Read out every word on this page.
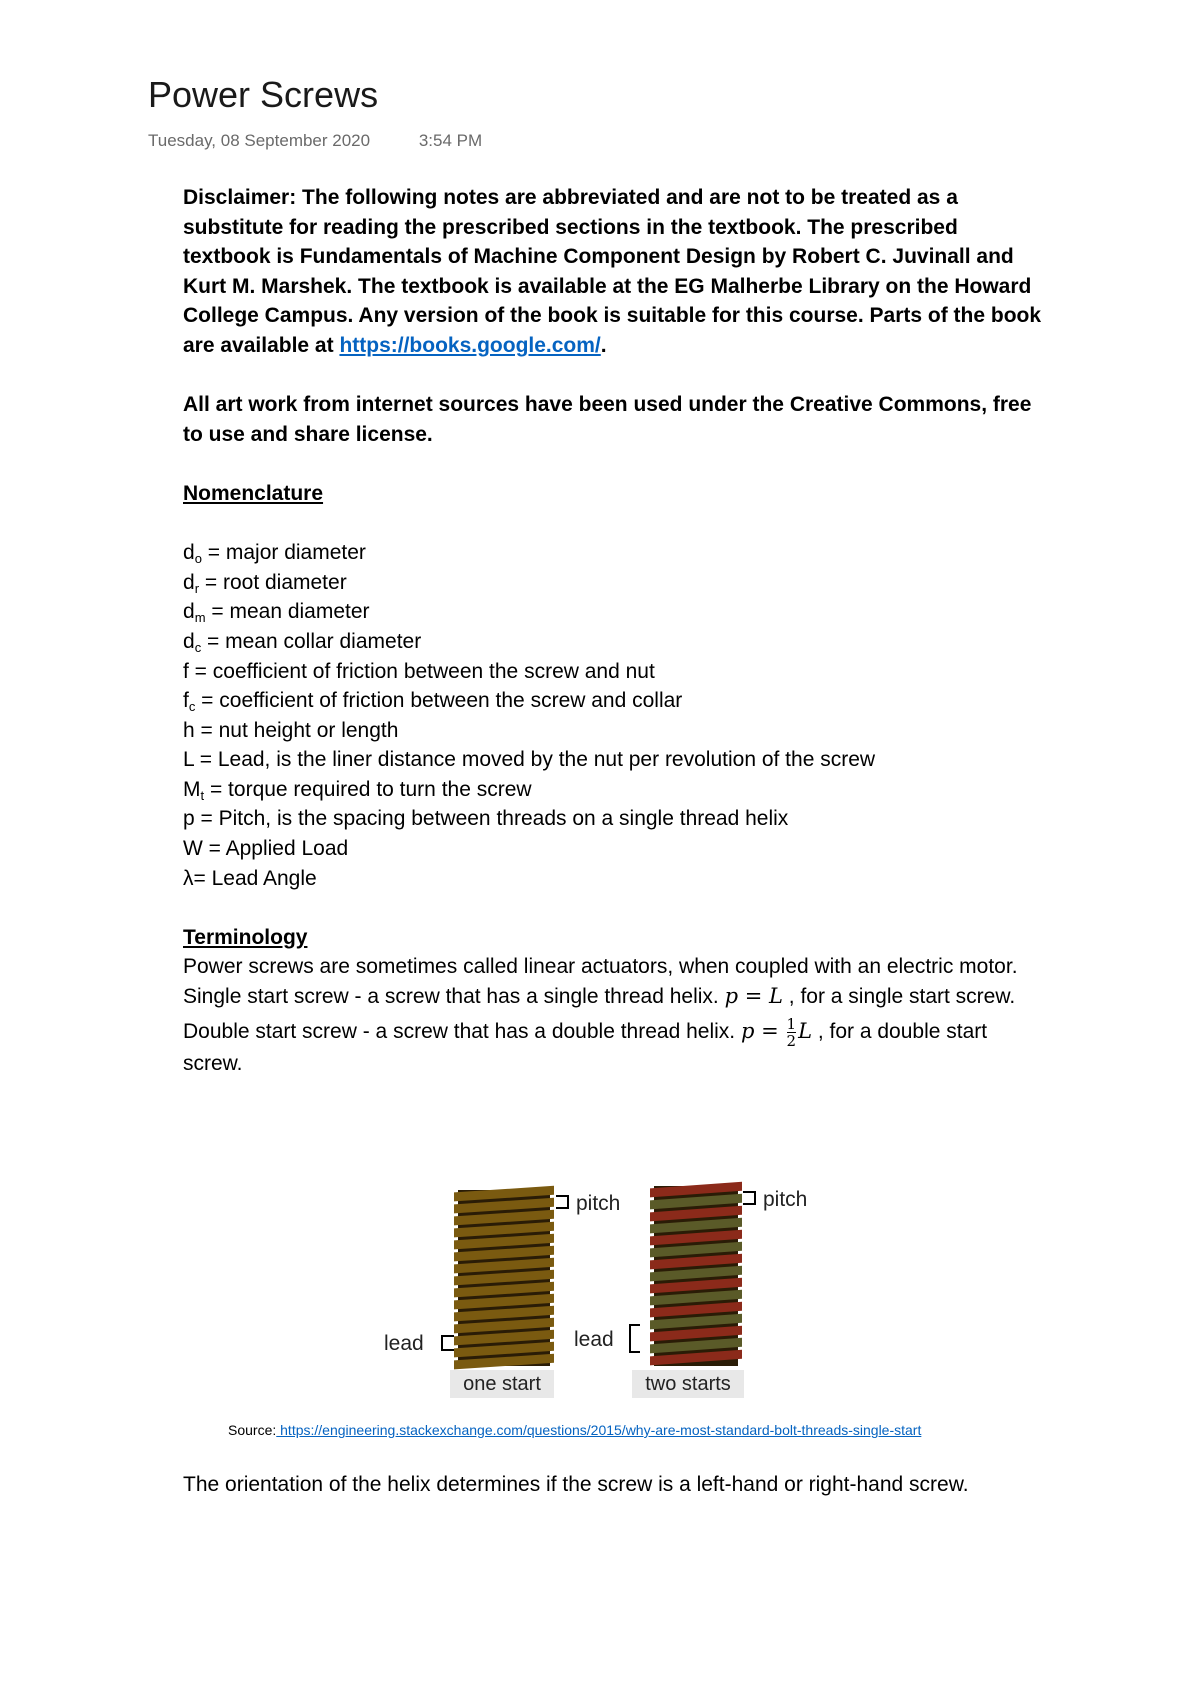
Power Screws
Tuesday, 08 September 2020	3:54 PM

Disclaimer: The following notes are abbreviated and are not to be treated as a substitute for reading the prescribed sections in the textbook. The prescribed textbook is Fundamentals of Machine Component Design by Robert C. Juvinall and Kurt M. Marshek. The textbook is available at the EG Malherbe Library on the Howard College Campus. Any version of the book is suitable for this course. Parts of the book are available at https://books.google.com/.

All art work from internet sources have been used under the Creative Commons, free to use and share license.

Nomenclature
$d_o$ = major diameter
$d_r$ = root diameter
$d_m$ = mean diameter
$d_c$ = mean collar diameter
f = coefficient of friction between the screw and nut
$f_c$ = coefficient of friction between the screw and collar
h = nut height or length
L = Lead, is the liner distance moved by the nut per revolution of the screw
$M_t$ = torque required to turn the screw
p = Pitch, is the spacing between threads on a single thread helix
W = Applied Load
λ= Lead Angle
Terminology

Power screws are sometimes called linear actuators, when coupled with an electric motor.

Single start screw - a screw that has a single thread helix. p = L , for a single start screw.

Double start screw - a screw that has a double thread helix. $p = \frac{1}{2}$ L , for a double start screw.

pitch	pitch
lead	lead
one start	two starts
Source: https://engineering.stackexchange.com/questions/2015/why-are-most-standard-bolt-threads-single-start

The orientation of the helix determines if the screw is a left-hand or right-hand screw.
